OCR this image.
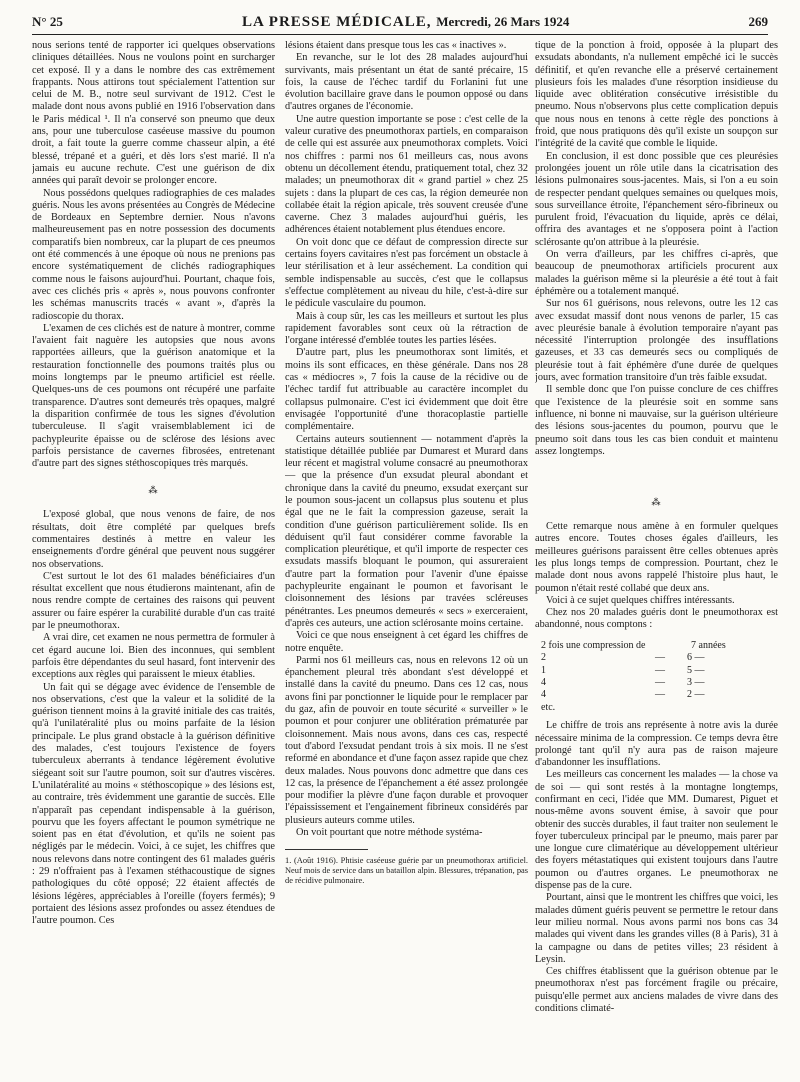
N° 25	LA PRESSE MÉDICALE, Mercredi, 26 Mars 1924	269

nous serions tenté de rapporter ici quelques observations cliniques détaillées. Nous ne voulons point en surcharger cet exposé. Il y a dans le nombre des cas extrêmement frappants. Nous attirons tout spécialement l'attention sur celui de M. B., notre seul survivant de 1912. C'est le malade dont nous avons publié en 1916 l'observation dans le Paris médical ¹. Il n'a conservé son pneumo que deux ans, pour une tuberculose caséeuse massive du poumon droit, a fait toute la guerre comme chasseur alpin, a été blessé, trépané et a guéri, et dès lors s'est marié. Il n'a jamais eu aucune rechute. C'est une guérison de dix années qui paraît devoir se prolonger encore.

Nous possédons quelques radiographies de ces malades guéris. Nous les avons présentées au Congrès de Médecine de Bordeaux en Septembre dernier. Nous n'avons malheureusement pas en notre possession des documents comparatifs bien nombreux, car la plupart de ces pneumos ont été commencés à une époque où nous ne prenions pas encore systématiquement de clichés radiographiques comme nous le faisons aujourd'hui. Pourtant, chaque fois, avec ces clichés pris « après », nous pouvons confronter les schémas manuscrits tracés « avant », d'après la radioscopie du thorax.

L'examen de ces clichés est de nature à montrer, comme l'avaient fait naguère les autopsies que nous avons rapportées ailleurs, que la guérison anatomique et la restauration fonctionnelle des poumons traités plus ou moins longtemps par le pneumo artificiel est réelle. Quelques-uns de ces poumons ont récupéré une parfaite transparence. D'autres sont demeurés très opaques, malgré la disparition confirmée de tous les signes d'évolution tuberculeuse. Il s'agit vraisemblablement ici de pachypleurite épaisse ou de sclérose des lésions avec parfois persistance de cavernes fibrosées, entretenant d'autre part des signes stéthoscopiques très marqués.

⁂

L'exposé global, que nous venons de faire, de nos résultats, doit être complété par quelques brefs commentaires destinés à mettre en valeur les enseignements d'ordre général que peuvent nous suggérer nos observations.

C'est surtout le lot des 61 malades bénéficiaires d'un résultat excellent que nous étudierons maintenant, afin de nous rendre compte de certaines des raisons qui peuvent assurer ou faire espérer la curabilité durable d'un cas traité par le pneumothorax.

A vrai dire, cet examen ne nous permettra de formuler à cet égard aucune loi. Bien des inconnues, qui semblent parfois être dépendantes du seul hasard, font intervenir des exceptions aux règles qui paraissent le mieux établies.

Un fait qui se dégage avec évidence de l'ensemble de nos observations, c'est que la valeur et la solidité de la guérison tiennent moins à la gravité initiale des cas traités, qu'à l'unilatéralité plus ou moins parfaite de la lésion principale. Le plus grand obstacle à la guérison définitive des malades, c'est toujours l'existence de foyers tuberculeux aberrants à tendance légèrement évolutive siégeant soit sur l'autre poumon, soit sur d'autres viscères. L'unilatéralité au moins « stéthoscopique » des lésions est, au contraire, très évidemment une garantie de succès. Elle n'apparaît pas cependant indispensable à la guérison, pourvu que les foyers affectant le poumon symétrique ne soient pas en état d'évolution, et qu'ils ne soient pas négligés par le médecin. Voici, à ce sujet, les chiffres que nous relevons dans notre contingent des 61 malades guéris : 29 n'offraient pas à l'examen stéthacoustique de signes pathologiques du côté opposé; 22 étaient affectés de lésions légères, appréciables à l'oreille (foyers fermés); 9 portaient des lésions assez profondes ou assez étendues de l'autre poumon. Ces

lésions étaient dans presque tous les cas « inactives ».

En revanche, sur le lot des 28 malades aujourd'hui survivants, mais présentant un état de santé précaire, 15 fois, la cause de l'échec tardif du Forlanini fut une évolution bacillaire grave dans le poumon opposé ou dans d'autres organes de l'économie.

Une autre question importante se pose : c'est celle de la valeur curative des pneumothorax partiels, en comparaison de celle qui est assurée aux pneumothorax complets. Voici nos chiffres : parmi nos 61 meilleurs cas, nous avons obtenu un décollement étendu, pratiquement total, chez 32 malades; un pneumothorax dit « grand partiel » chez 25 sujets : dans la plupart de ces cas, la région demeurée non collabée était la région apicale, très souvent creusée d'une caverne. Chez 3 malades aujourd'hui guéris, les adhérences étaient notablement plus étendues encore.

On voit donc que ce défaut de compression directe sur certains foyers cavitaires n'est pas forcément un obstacle à leur stérilisation et à leur asséchement. La condition qui semble indispensable au succès, c'est que le collapsus s'effectue complètement au niveau du hile, c'est-à-dire sur le pédicule vasculaire du poumon.

Mais à coup sûr, les cas les meilleurs et surtout les plus rapidement favorables sont ceux où la rétraction de l'organe intéressé d'emblée toutes les parties lésées.

D'autre part, plus les pneumothorax sont limités, et moins ils sont efficaces, en thèse générale. Dans nos 28 cas « médiocres », 7 fois la cause de la récidive ou de l'échec tardif fut attribuable au caractère incomplet du collapsus pulmonaire. C'est ici évidemment que doit être envisagée l'opportunité d'une thoracoplastie partielle complémentaire.

Certains auteurs soutiennent — notamment d'après la statistique détaillée publiée par Dumarest et Murard dans leur récent et magistral volume consacré au pneumothorax — que la présence d'un exsudat pleural abondant et chronique dans la cavité du pneumo, exsudat exerçant sur le poumon sous-jacent un collapsus plus soutenu et plus égal que ne le fait la compression gazeuse, serait la condition d'une guérison particulièrement solide. Ils en déduisent qu'il faut considérer comme favorable la complication pleurétique, et qu'il importe de respecter ces exsudats massifs bloquant le poumon, qui assureraient d'autre part la formation pour l'avenir d'une épaisse pachypleurite engainant le poumon et favorisant le cloisonnement des lésions par travées scléreuses pénétrantes. Les pneumos demeurés « secs » exerceraient, d'après ces auteurs, une action sclérosante moins certaine.

Voici ce que nous enseignent à cet égard les chiffres de notre enquête.

Parmi nos 61 meilleurs cas, nous en relevons 12 où un épanchement pleural très abondant s'est développé et installé dans la cavité du pneumo. Dans ces 12 cas, nous avons fini par ponctionner le liquide pour le remplacer par du gaz, afin de pouvoir en toute sécurité « surveiller » le poumon et pour conjurer une oblitération prématurée par cloisonnement. Mais nous avons, dans ces cas, respecté tout d'abord l'exsudat pendant trois à six mois. Il ne s'est reformé en abondance et d'une façon assez rapide que chez deux malades. Nous pouvons donc admettre que dans ces 12 cas, la présence de l'épanchement a été assez prolongée pour modifier la plèvre d'une façon durable et provoquer l'épaississement et l'engainement fibrineux considérés par plusieurs auteurs comme utiles.

On voit pourtant que notre méthode systéma-

1. (Août 1916). Phtisie caséeuse guérie par un pneumothorax artificiel. Neuf mois de service dans un bataillon alpin. Blessures, trépanation, pas de récidive pulmonaire.

tique de la ponction à froid, opposée à la plupart des exsudats abondants, n'a nullement empêché ici le succès définitif, et qu'en revanche elle a préservé certainement plusieurs fois les malades d'une résorption insidieuse du liquide avec oblitération consécutive irrésistible du pneumo. Nous n'observons plus cette complication depuis que nous nous en tenons à cette règle des ponctions à froid, que nous pratiquons dès qu'il existe un soupçon sur l'intégrité de la cavité que comble le liquide.

En conclusion, il est donc possible que ces pleurésies prolongées jouent un rôle utile dans la cicatrisation des lésions pulmonaires sous-jacentes. Mais, si l'on a eu soin de respecter pendant quelques semaines ou quelques mois, sous surveillance étroite, l'épanchement séro-fibrineux ou purulent froid, l'évacuation du liquide, après ce délai, offrira des avantages et ne s'opposera point à l'action sclérosante qu'on attribue à la pleurésie.

On verra d'ailleurs, par les chiffres ci-après, que beaucoup de pneumothorax artificiels procurent aux malades la guérison même si la pleurésie a été tout à fait éphémère ou a totalement manqué.

Sur nos 61 guérisons, nous relevons, outre les 12 cas avec exsudat massif dont nous venons de parler, 15 cas avec pleurésie banale à évolution temporaire n'ayant pas nécessité l'interruption prolongée des insufflations gazeuses, et 33 cas demeurés secs ou compliqués de pleurésie tout à fait éphémère d'une durée de quelques jours, avec formation transitoire d'un très faible exsudat.

Il semble donc que l'on puisse conclure de ces chiffres que l'existence de la pleurésie soit en somme sans influence, ni bonne ni mauvaise, sur la guérison ultérieure des lésions sous-jacentes du poumon, pourvu que le pneumo soit dans tous les cas bien conduit et maintenu assez longtemps.

⁂

Cette remarque nous amène à en formuler quelques autres encore. Toutes choses égales d'ailleurs, les meilleures guérisons paraissent être celles obtenues après les plus longs temps de compression. Pourtant, chez le malade dont nous avons rappelé l'histoire plus haut, le poumon n'était resté collabé que deux ans.

Voici à ce sujet quelques chiffres intéressants.

Chez nos 20 malades guéris dont le pneumothorax est abandonné, nous comptons :

2 fois une compression de	7 années
2	—	6 —
1	—	5 —
4	—	3 —
4	—	2 —
etc.

Le chiffre de trois ans représente à notre avis la durée nécessaire minima de la compression. Ce temps devra être prolongé tant qu'il n'y aura pas de raison majeure d'abandonner les insufflations.

Les meilleurs cas concernent les malades — la chose va de soi — qui sont restés à la montagne longtemps, confirmant en ceci, l'idée que MM. Dumarest, Piguet et nous-même avons souvent émise, à savoir que pour obtenir des succès durables, il faut traiter non seulement le foyer tuberculeux principal par le pneumo, mais parer par une longue cure climatérique au développement ultérieur des foyers métastatiques qui existent toujours dans l'autre poumon ou d'autres organes. Le pneumothorax ne dispense pas de la cure.

Pourtant, ainsi que le montrent les chiffres que voici, les malades dûment guéris peuvent se permettre le retour dans leur milieu normal. Nous avons parmi nos bons cas 34 malades qui vivent dans les grandes villes (8 à Paris), 31 à la campagne ou dans de petites villes; 23 résident à Leysin.

Ces chiffres établissent que la guérison obtenue par le pneumothorax n'est pas forcément fragile ou précaire, puisqu'elle permet aux anciens malades de vivre dans des conditions climaté-
